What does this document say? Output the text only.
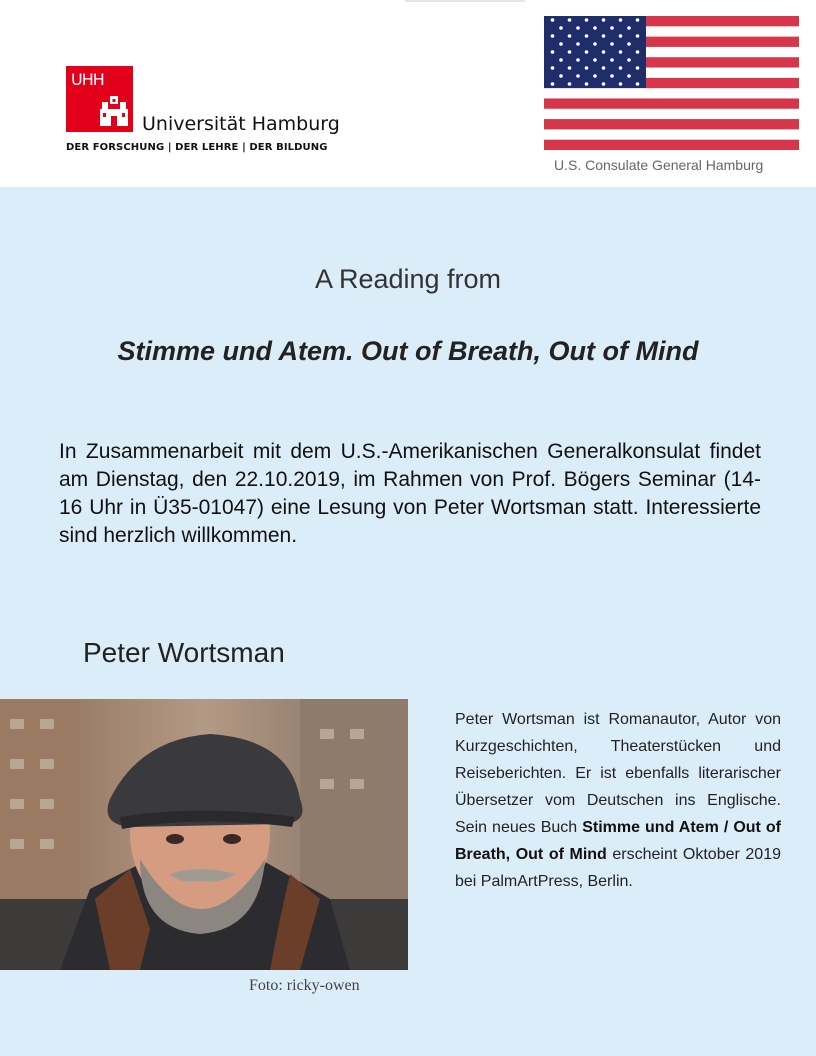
UHH
Universität Hamburg
DER FORSCHUNG | DER LEHRE | DER BILDUNG
U.S. Consulate General Hamburg
A Reading from
Stimme und Atem. Out of Breath, Out of Mind
In Zusammenarbeit mit dem U.S.-Amerikanischen Generalkonsulat findet am Dienstag, den 22.10.2019, im Rahmen von Prof. Bögers Seminar (14-16 Uhr in Ü35-01047) eine Lesung von Peter Wortsman statt. Interessierte sind herzlich willkommen.
Peter Wortsman
Foto: ricky-owen
Peter Wortsman ist Romanautor, Autor von Kurzgeschichten, Theaterstücken und Reiseberichten. Er ist ebenfalls literarischer Übersetzer vom Deutschen ins Englische. Sein neues Buch Stimme und Atem / Out of Breath, Out of Mind erscheint Oktober 2019 bei PalmArtPress, Berlin.
